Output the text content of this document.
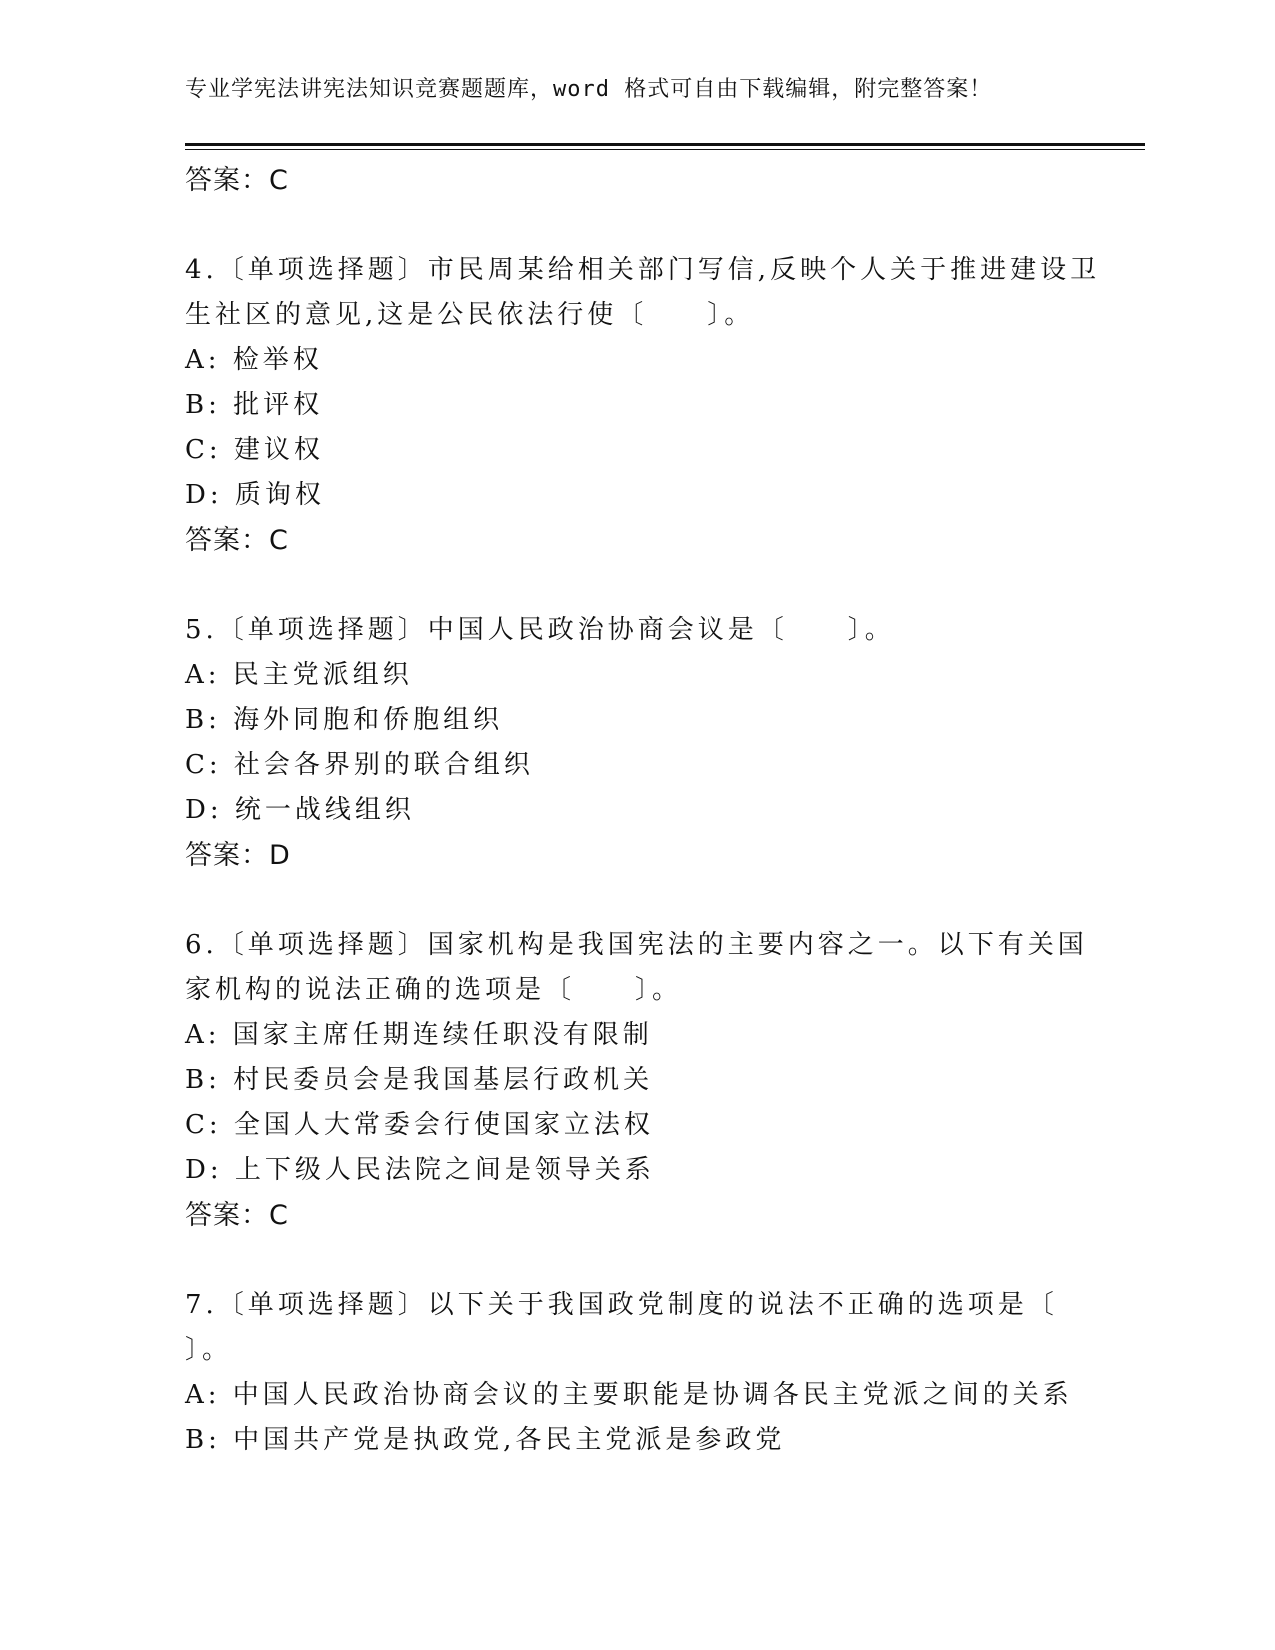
专业学宪法讲宪法知识竞赛题题库，word 格式可自由下载编辑，附完整答案！
答案：C
4.〔单项选择题〕市民周某给相关部门写信,反映个人关于推进建设卫
生社区的意见,这是公民依法行使〔　　〕。
A: 检举权
B: 批评权
C: 建议权
D: 质询权
答案：C
5.〔单项选择题〕中国人民政治协商会议是〔　　〕。
A: 民主党派组织
B: 海外同胞和侨胞组织
C: 社会各界别的联合组织
D: 统一战线组织
答案：D
6.〔单项选择题〕国家机构是我国宪法的主要内容之一。以下有关国
家机构的说法正确的选项是〔　　〕。
A: 国家主席任期连续任职没有限制
B: 村民委员会是我国基层行政机关
C: 全国人大常委会行使国家立法权
D: 上下级人民法院之间是领导关系
答案：C
7.〔单项选择题〕以下关于我国政党制度的说法不正确的选项是〔
〕。
A: 中国人民政治协商会议的主要职能是协调各民主党派之间的关系
B: 中国共产党是执政党,各民主党派是参政党
